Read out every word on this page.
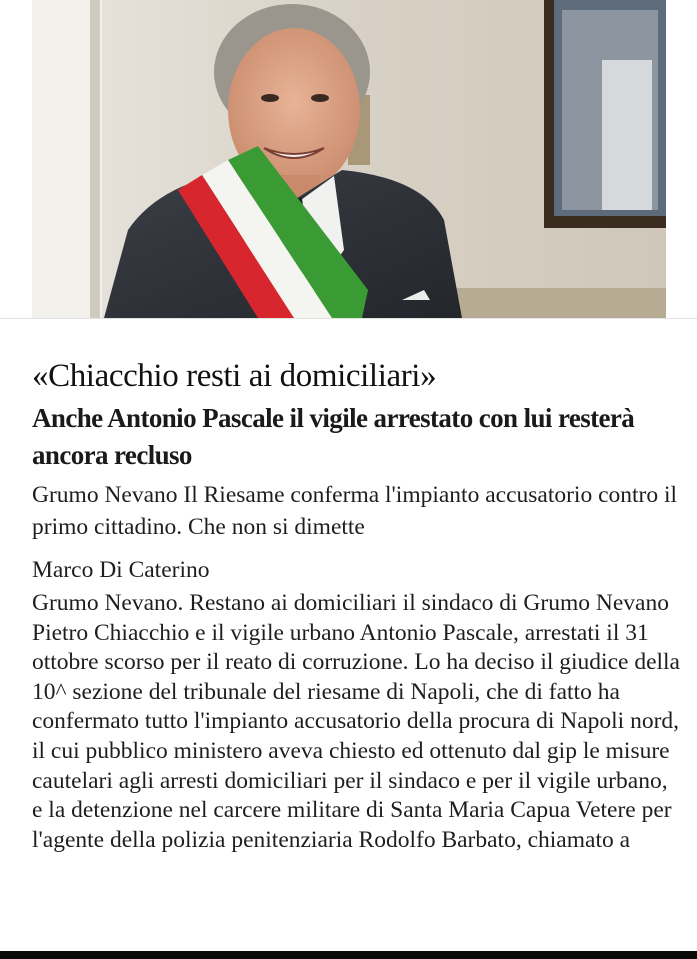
«Chiacchio resti ai domiciliari»
Anche Antonio Pascale il vigile arrestato con lui resterà ancora recluso

Grumo Nevano Il Riesame conferma l'impianto accusatorio contro il primo cittadino. Che non si dimette

Marco Di Caterino

Grumo Nevano. Restano ai domiciliari il sindaco di Grumo Nevano Pietro Chiacchio e il vigile urbano Antonio Pascale, arrestati il 31 ottobre scorso per il reato di corruzione. Lo ha deciso il giudice della 10^ sezione del tribunale del riesame di Napoli, che di fatto ha confermato tutto l'impianto accusatorio della procura di Napoli nord, il cui pubblico ministero aveva chiesto ed ottenuto dal gip le misure cautelari agli arresti domiciliari per il sindaco e per il vigile urbano, e la detenzione nel carcere militare di Santa Maria Capua Vetere per l'agente della polizia penitenziaria Rodolfo Barbato, chiamato a
